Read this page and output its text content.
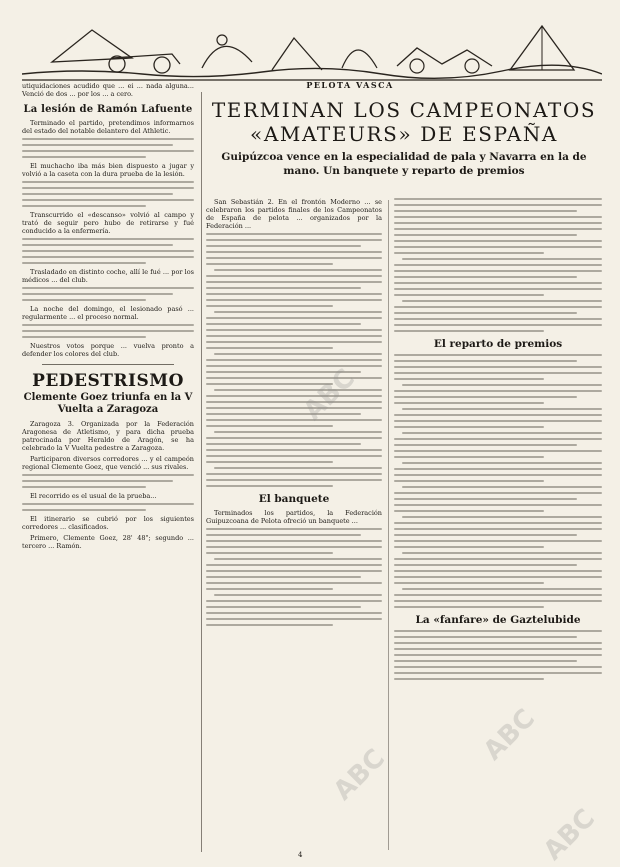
PELOTA VASCA

utiquidaciones acudido que ... ei ... nada alguna... Venció de dos ... por los ... a cero.

La lesión de Ramón Lafuente

Terminado el partido, pretendimos informarnos del estado del notable delantero del Athletic.

El muchacho iba más bien dispuesto a jugar y volvió a la caseta con la dura prueba de la lesión.

Transcurrido el «descanso» volvió al campo y trató de seguir pero hubo de retirarse y fué conducido a la enfermería.

Trasladado en distinto coche, allí le fué ... por los médicos ... del club.

La noche del domingo, el lesionado pasó ... regularmente ... el proceso normal.

Nuestros votos porque ... vuelva pronto a defender los colores del club.

PEDESTRISMO
Clemente Goez triunfa en la V Vuelta a Zaragoza

Zaragoza 3. Organizada por la Federación Aragonesa de Atletismo, y para dicha prueba patrocinada por Heraldo de Aragón, se ha celebrado la V Vuelta pedestre a Zaragoza.

Participaron diversos corredores ... y el campeón regional Clemente Goez, que venció ... sus rivales.

El recorrido es el usual de la prueba...

El itinerario se cubrió por los siguientes corredores ... clasificados.

Primero, Clemente Goez, 28' 48"; segundo ... tercero ... Ramón.

TERMINAN LOS CAMPEONATOS «AMATEURS» DE ESPAÑA
Guipúzcoa vence en la especialidad de pala y Navarra en la de mano. Un banquete y reparto de premios

San Sebastián 2. En el frontón Moderno ... se celebraron los partidos finales de los Campeonatos de España de pelota ... organizados por la Federación ...

El banquete

Terminados los partidos, la Federación Guipuzcoana de Pelota ofreció un banquete ...

El reparto de premios
La «fanfare» de Gaztelubide
ABC
ABC
ABC
ABC
4
